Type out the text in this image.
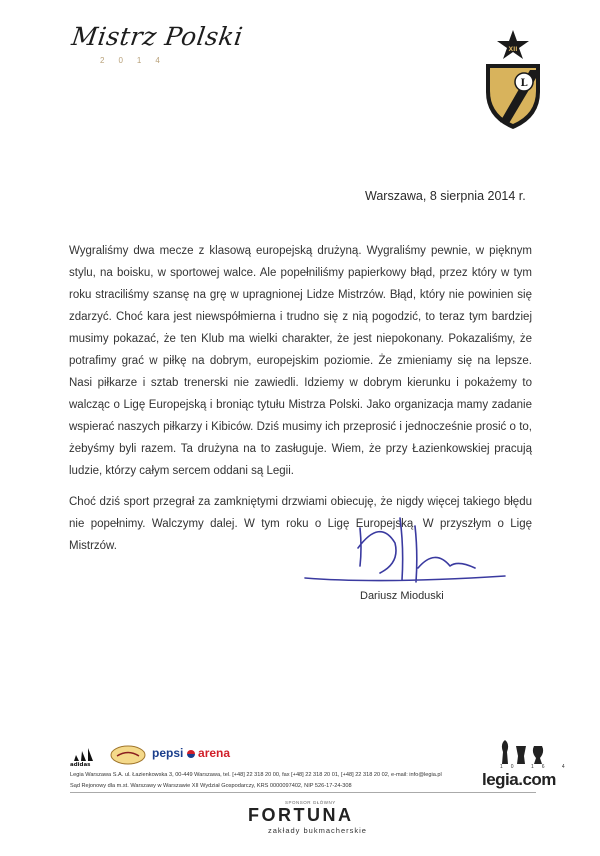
Mistrz Polski
2014
XII
L
Warszawa, 8 sierpnia 2014 r.

Wygraliśmy dwa mecze z klasową europejską drużyną. Wygraliśmy pewnie, w pięknym stylu, na boisku, w sportowej walce. Ale popełniliśmy papierkowy błąd, przez który w tym roku straciliśmy szansę na grę w upragnionej Lidze Mistrzów. Błąd, który nie powinien się zdarzyć. Choć kara jest niewspółmierna i trudno się z nią pogodzić, to teraz tym bardziej musimy pokazać, że ten Klub ma wielki charakter, że jest niepokonany. Pokazaliśmy, że potrafimy grać w piłkę na dobrym, europejskim poziomie. Że zmieniamy się na lepsze. Nasi piłkarze i sztab trenerski nie zawiedli. Idziemy w dobrym kierunku i pokażemy to walcząc o Ligę Europejską i broniąc tytułu Mistrza Polski. Jako organizacja mamy zadanie wspierać naszych piłkarzy i Kibiców. Dziś musimy ich przeprosić i jednocześnie prosić o to, żebyśmy byli razem. Ta drużyna na to zasługuje. Wiem, że przy Łazienkowskiej pracują ludzie, którzy całym sercem oddani są Legii.

Choć dziś sport przegrał za zamkniętymi drzwiami obiecuję, że nigdy więcej takiego błędu nie popełnimy. Walczymy dalej. W tym roku o Ligę Europejską. W przyszłym o Ligę Mistrzów.

Dariusz Mioduski
adidas
pepsi arena
10 16 4
Legia Warszawa S.A. ul. Łazienkowska 3, 00-449 Warszawa, tel. [+48] 22 318 20 00, fax [+48] 22 318 20 01, [+48] 22 318 20 02, e-mail: info@legia.pl
Sąd Rejonowy dla m.st. Warszawy w Warszawie XII Wydział Gospodarczy, KRS 0000097402, NIP 526-17-24-308	legia.com
SPONSOR GŁÓWNY
FORTUNA
zakłady bukmacherskie
